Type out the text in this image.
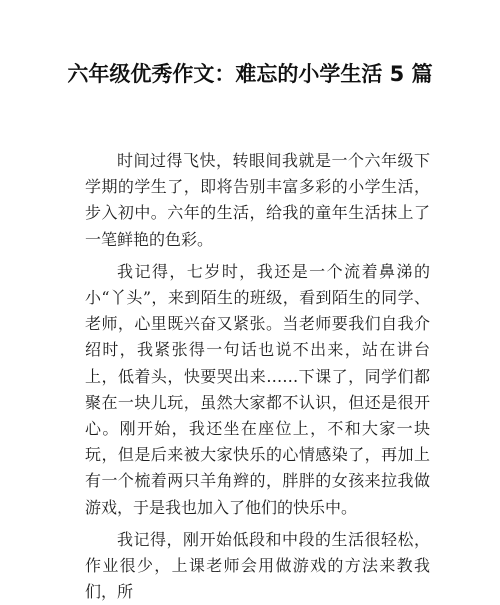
六年级优秀作文：难忘的小学生活 5 篇

时间过得飞快，转眼间我就是一个六年级下学期的学生了，即将告别丰富多彩的小学生活，步入初中。六年的生活，给我的童年生活抹上了一笔鲜艳的色彩。

我记得，七岁时，我还是一个流着鼻涕的小“丫头”，来到陌生的班级，看到陌生的同学、老师，心里既兴奋又紧张。当老师要我们自我介绍时，我紧张得一句话也说不出来，站在讲台上，低着头，快要哭出来……下课了，同学们都聚在一块儿玩，虽然大家都不认识，但还是很开心。刚开始，我还坐在座位上，不和大家一块玩，但是后来被大家快乐的心情感染了，再加上有一个梳着两只羊角辫的，胖胖的女孩来拉我做游戏，于是我也加入了他们的快乐中。

我记得，刚开始低段和中段的生活很轻松，作业很少，上课老师会用做游戏的方法来教我们，所
